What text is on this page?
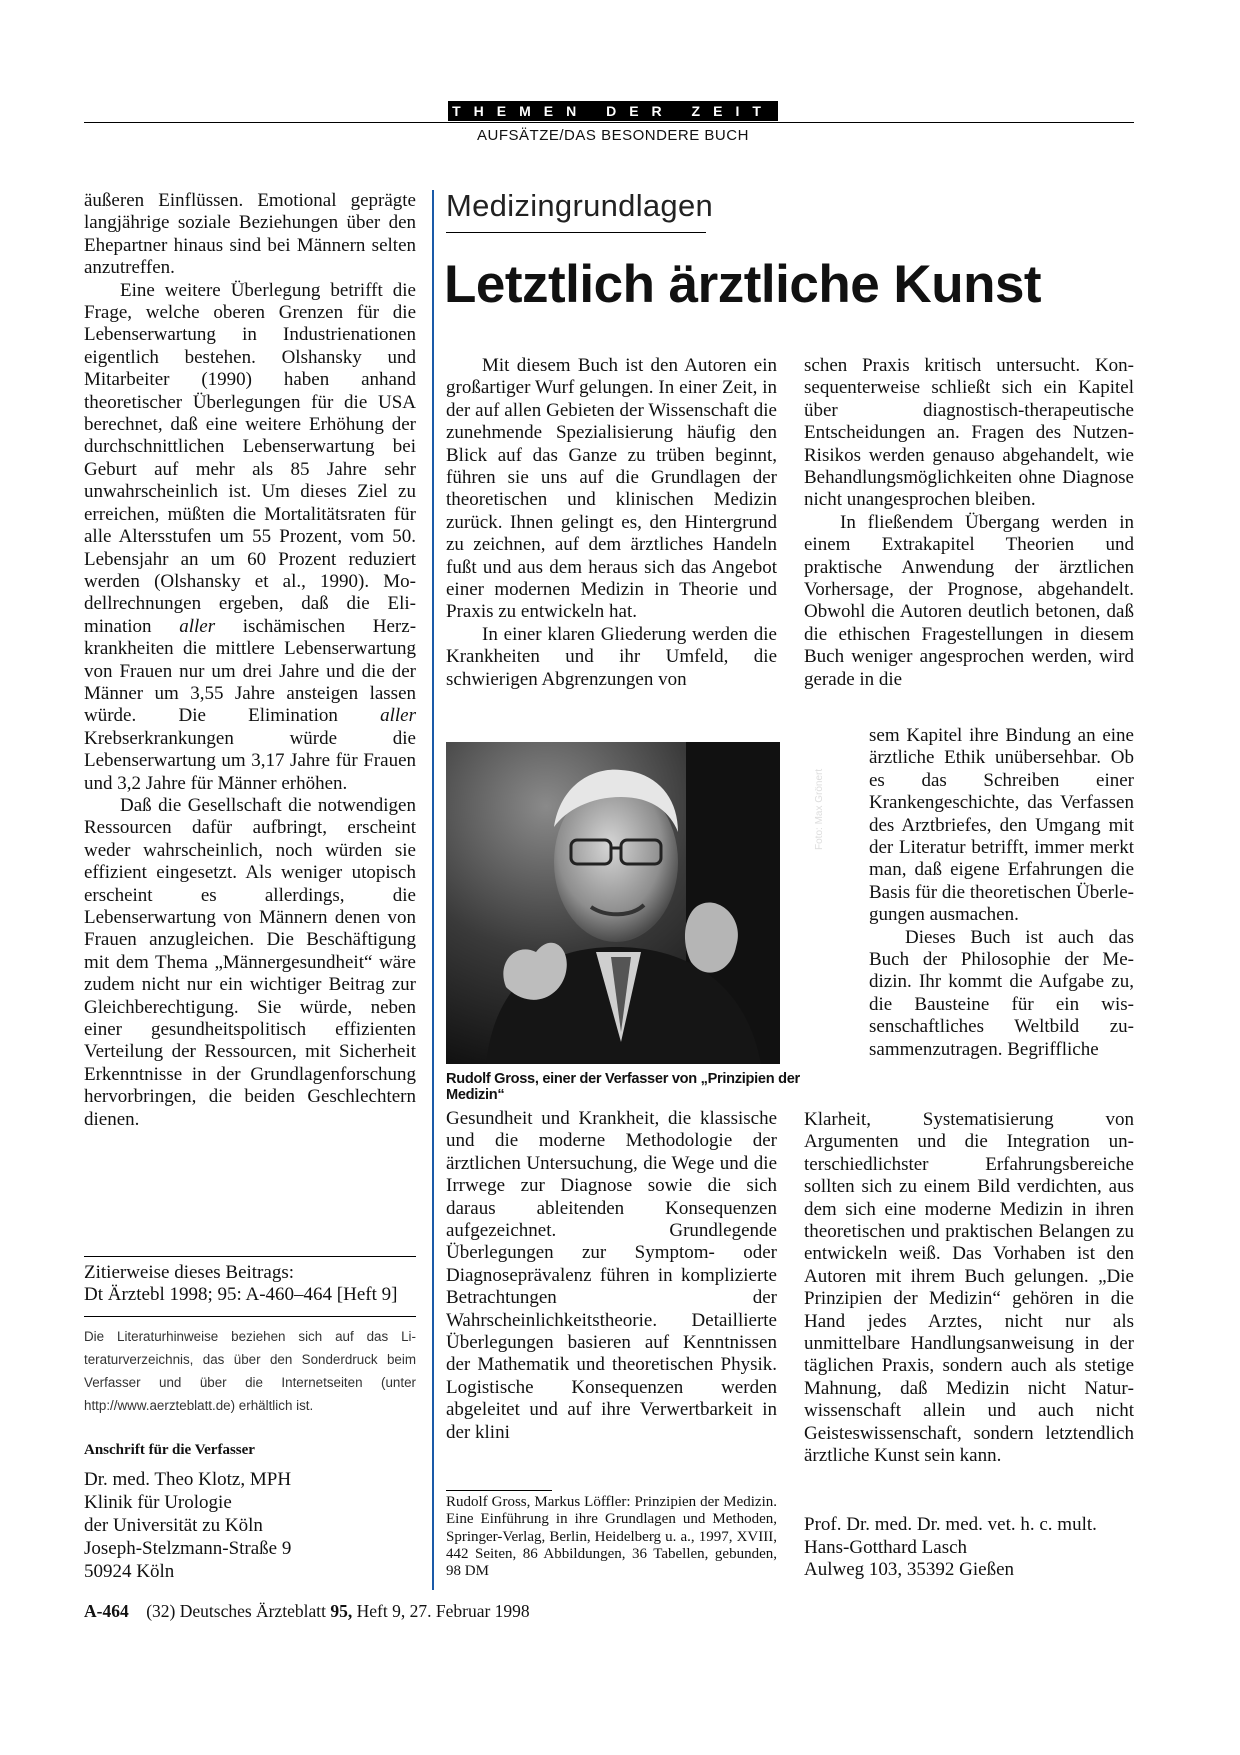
THEMEN DER ZEIT
AUFSÄTZE/DAS BESONDERE BUCH

äußeren Einflüssen. Emotional geprägte langjährige soziale Beziehungen über den Ehepartner hinaus sind bei Männern selten anzutreffen.

Eine weitere Überlegung betrifft die Frage, welche oberen Grenzen für die Lebenserwartung in Industrienationen eigentlich bestehen. Olshansky und Mitarbeiter (1990) haben anhand theoretischer Überlegungen für die USA berechnet, daß eine weitere Erhöhung der durchschnittlichen Lebenserwartung bei Geburt auf mehr als 85 Jahre sehr unwahrscheinlich ist. Um dieses Ziel zu erreichen, müßten die Mortalitätsraten für alle Altersstufen um 55 Prozent, vom 50. Lebensjahr an um 60 Prozent reduziert werden (Olshansky et al., 1990). Modellrechnungen ergeben, daß die Elimination aller ischämischen Herzkrankheiten die mittlere Lebenserwartung von Frauen nur um drei Jahre und die der Männer um 3,55 Jahre ansteigen lassen würde. Die Elimination aller Krebserkrankungen würde die Lebenserwartung um 3,17 Jahre für Frauen und 3,2 Jahre für Männer erhöhen.

Daß die Gesellschaft die notwendigen Ressourcen dafür aufbringt, erscheint weder wahrscheinlich, noch würden sie effizient eingesetzt. Als weniger utopisch erscheint es allerdings, die Lebenserwartung von Männern denen von Frauen anzugleichen. Die Beschäftigung mit dem Thema „Männergesundheit“ wäre zudem nicht nur ein wichtiger Beitrag zur Gleichberechtigung. Sie würde, neben einer gesundheitspolitisch effizienten Verteilung der Ressourcen, mit Sicherheit Erkenntnisse in der Grundlagenforschung hervorbringen, die beiden Geschlechtern dienen.

Zitierweise dieses Beitrags:
Dt Ärztebl 1998; 95: A-460–464 [Heft 9]
Die Literaturhinweise beziehen sich auf das Literaturverzeichnis, das über den Sonderdruck beim Verfasser und über die Internetseiten (unter http://www.aerzteblatt.de) erhältlich ist.
Anschrift für die Verfasser
Dr. med. Theo Klotz, MPH
Klinik für Urologie
der Universität zu Köln
Joseph-Stelzmann-Straße 9
50924 Köln
Medizingrundlagen
Letztlich ärztliche Kunst

Mit diesem Buch ist den Autoren ein großartiger Wurf gelungen. In einer Zeit, in der auf allen Gebieten der Wissenschaft die zunehmende Spezialisierung häufig den Blick auf das Ganze zu trüben beginnt, führen sie uns auf die Grundlagen der theoretischen und klinischen Medizin zurück. Ihnen gelingt es, den Hintergrund zu zeichnen, auf dem ärztliches Handeln fußt und aus dem heraus sich das Angebot einer modernen Medizin in Theorie und Praxis zu entwickeln hat.

In einer klaren Gliederung werden die Krankheiten und ihr Umfeld, die schwierigen Abgrenzungen von

Foto: Max Grönert
Rudolf Gross, einer der Verfasser von „Prinzipien der Medizin“

Gesundheit und Krankheit, die klassische und die moderne Methodologie der ärztlichen Untersuchung, die Wege und die Irrwege zur Diagnose sowie die sich daraus ableitenden Konsequenzen aufgezeichnet. Grundlegende Überlegungen zur Symptom- oder Diagnoseprävalenz führen in komplizierte Betrachtungen der Wahrscheinlichkeitstheorie. Detaillierte Überlegungen basieren auf Kenntnissen der Mathematik und theoretischen Physik. Logistische Konsequenzen werden abgeleitet und auf ihre Verwertbarkeit in der klini

Rudolf Gross, Markus Löffler: Prinzipien der Medizin. Eine Einführung in ihre Grundlagen und Methoden, Springer-Verlag, Berlin, Heidelberg u. a., 1997, XVIII, 442 Seiten, 86 Abbildungen, 36 Tabellen, gebunden, 98 DM

schen Praxis kritisch untersucht. Konsequenterweise schließt sich ein Kapitel über diagnostisch-therapeutische Entscheidungen an. Fragen des Nutzen-Risikos werden genauso abgehandelt, wie Behandlungsmöglichkeiten ohne Diagnose nicht unangesprochen bleiben.

In fließendem Übergang werden in einem Extrakapitel Theorien und praktische Anwendung der ärztlichen Vorhersage, der Prognose, abgehandelt. Obwohl die Autoren deutlich betonen, daß die ethischen Fragestellungen in diesem Buch weniger angesprochen werden, wird gerade in die

sem Kapitel ihre Bindung an eine ärztliche Ethik unübersehbar. Ob es das Schreiben einer Krankengeschichte, das Verfassen des Arztbriefes, den Umgang mit der Literatur betrifft, immer merkt man, daß eigene Erfahrungen die Basis für die theoretischen Überlegungen ausmachen.

Dieses Buch ist auch das Buch der Philosophie der Medizin. Ihr kommt die Aufgabe zu, die Bausteine für ein wissenschaftliches Weltbild zusammenzutragen. Begriffliche

Klarheit, Systematisierung von Argumenten und die Integration unterschiedlichster Erfahrungsbereiche sollten sich zu einem Bild verdichten, aus dem sich eine moderne Medizin in ihren theoretischen und praktischen Belangen zu entwickeln weiß. Das Vorhaben ist den Autoren mit ihrem Buch gelungen. „Die Prinzipien der Medizin“ gehören in die Hand jedes Arztes, nicht nur als unmittelbare Handlungsanweisung in der täglichen Praxis, sondern auch als stetige Mahnung, daß Medizin nicht Naturwissenschaft allein und auch nicht Geisteswissenschaft, sondern letztendlich ärztliche Kunst sein kann.

Prof. Dr. med. Dr. med. vet. h. c. mult.
Hans-Gotthard Lasch
Aulweg 103, 35392 Gießen
A-464 (32) Deutsches Ärzteblatt 95, Heft 9, 27. Februar 1998
